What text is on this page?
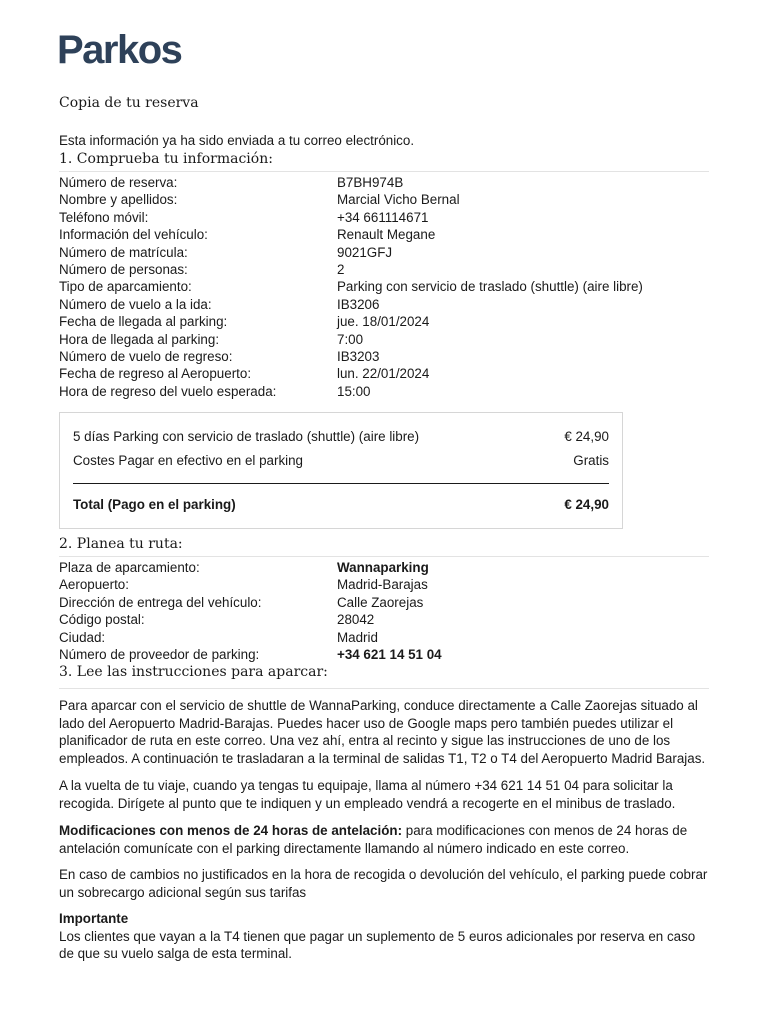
Parkos
Copia de tu reserva
Esta información ya ha sido enviada a tu correo electrónico.
1. Comprueba tu información:
Número de reserva:	B7BH974B
Nombre y apellidos:	Marcial Vicho Bernal
Teléfono móvil:	+34 661114671
Información del vehículo:	Renault Megane
Número de matrícula:	9021GFJ
Número de personas:	2
Tipo de aparcamiento:	Parking con servicio de traslado (shuttle) (aire libre)
Número de vuelo a la ida:	IB3206
Fecha de llegada al parking:	jue. 18/01/2024
Hora de llegada al parking:	7:00
Número de vuelo de regreso:	IB3203
Fecha de regreso al Aeropuerto:	lun. 22/01/2024
Hora de regreso del vuelo esperada:	15:00
5 días Parking con servicio de traslado (shuttle) (aire libre)	€ 24,90
Costes Pagar en efectivo en el parking	Gratis
Total (Pago en el parking)	€ 24,90
2. Planea tu ruta:
Plaza de aparcamiento:	Wannaparking
Aeropuerto:	Madrid-Barajas
Dirección de entrega del vehículo:	Calle Zaorejas
Código postal:	28042
Ciudad:	Madrid
Número de proveedor de parking:	+34 621 14 51 04
3. Lee las instrucciones para aparcar:

Para aparcar con el servicio de shuttle de WannaParking, conduce directamente a Calle Zaorejas situado al lado del Aeropuerto Madrid-Barajas. Puedes hacer uso de Google maps pero también puedes utilizar el planificador de ruta en este correo. Una vez ahí, entra al recinto y sigue las instrucciones de uno de los empleados. A continuación te trasladaran a la terminal de salidas T1, T2 o T4 del Aeropuerto Madrid Barajas.

A la vuelta de tu viaje, cuando ya tengas tu equipaje, llama al número +34 621 14 51 04 para solicitar la recogida. Dirígete al punto que te indiquen y un empleado vendrá a recogerte en el minibus de traslado.

Modificaciones con menos de 24 horas de antelación: para modificaciones con menos de 24 horas de antelación comunícate con el parking directamente llamando al número indicado en este correo.

En caso de cambios no justificados en la hora de recogida o devolución del vehículo, el parking puede cobrar un sobrecargo adicional según sus tarifas

Importante

Los clientes que vayan a la T4 tienen que pagar un suplemento de 5 euros adicionales por reserva en caso de que su vuelo salga de esta terminal.
